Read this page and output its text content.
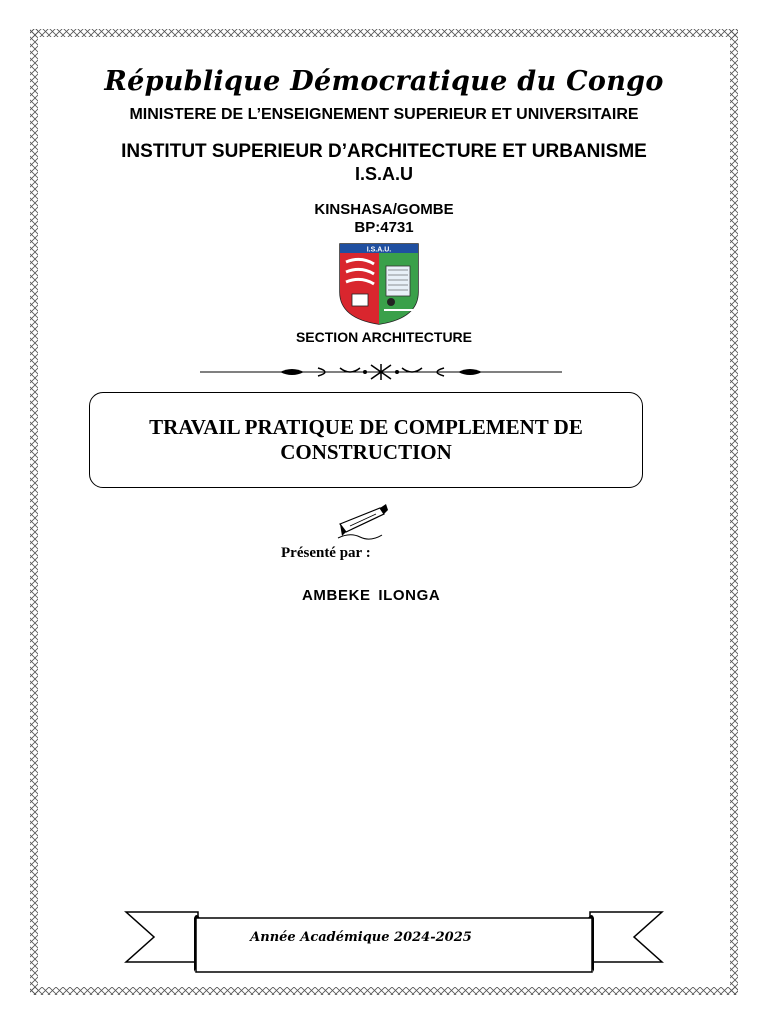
République Démocratique du Congo
MINISTERE DE L’ENSEIGNEMENT SUPERIEUR ET UNIVERSITAIRE
INSTITUT SUPERIEUR D’ARCHITECTURE ET URBANISME
I.S.A.U
KINSHASA/GOMBE
BP:4731
I.S.A.U.
SECTION ARCHITECTURE
TRAVAIL PRATIQUE DE COMPLEMENT DE CONSTRUCTION
Présenté par :
AMBEKE ILONGA
Année Académique 2024-2025
